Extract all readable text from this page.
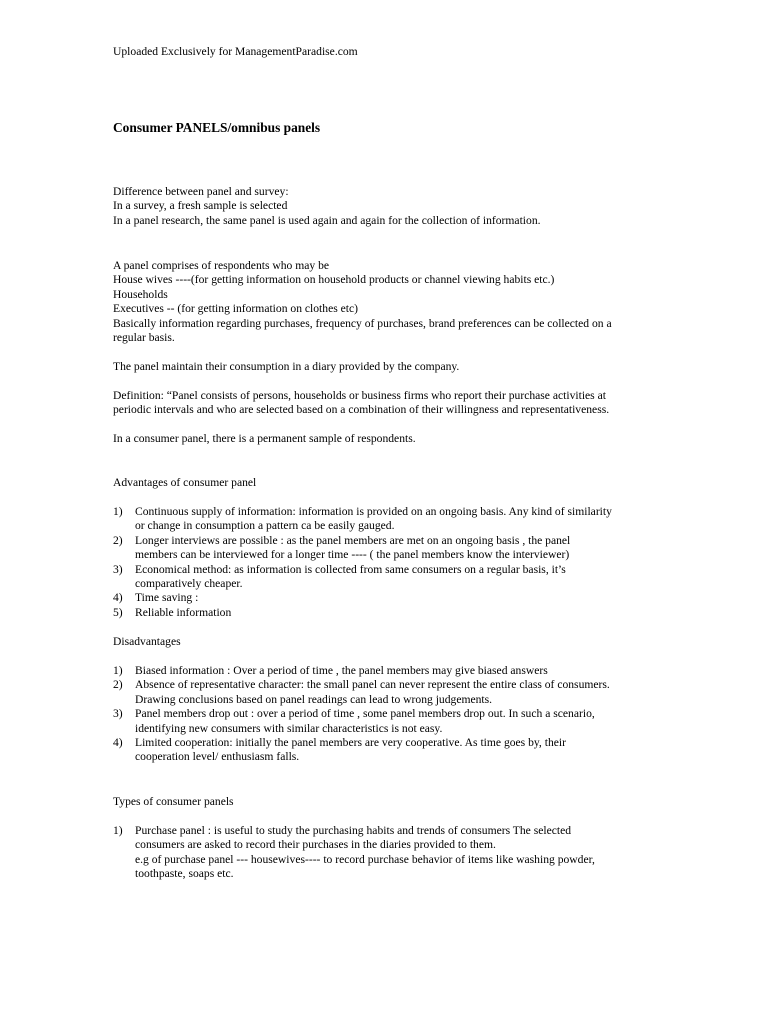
Uploaded Exclusively for ManagementParadise.com
Consumer PANELS/omnibus panels
Difference between panel and survey:
In a survey, a fresh sample is selected
In a panel research, the same panel is used again and again for the collection of information.
A panel comprises of respondents who may be
House wives ----(for getting information on household products or channel viewing habits etc.)
Households
Executives -- (for getting information on clothes etc)
Basically information regarding purchases, frequency of purchases, brand preferences can be collected on a
regular basis.
The panel maintain their consumption in a diary provided by the company.
Definition: “Panel consists of persons, households or business firms who report their purchase activities at
periodic intervals and who are selected based on a combination of their willingness and representativeness.
In a consumer panel, there is a permanent sample of respondents.
Advantages of consumer panel
1) Continuous supply of information: information is provided on an ongoing basis. Any kind of similarity
or change in consumption a pattern ca be easily gauged.
2) Longer interviews are possible : as the panel members are met on an ongoing basis , the panel
members can be interviewed for a longer time ---- ( the panel members know the interviewer)
3) Economical method: as information is collected from same consumers on a regular basis, it’s
comparatively cheaper.
4) Time saving :
5) Reliable information
Disadvantages
1) Biased information : Over a period of time , the panel members may give biased answers
2) Absence of representative character: the small panel can never represent the entire class of consumers.
Drawing conclusions based on panel readings can lead to wrong judgements.
3) Panel members drop out : over a period of time , some panel members drop out. In such a scenario,
identifying new consumers with similar characteristics is not easy.
4) Limited cooperation: initially the panel members are very cooperative. As time goes by, their
cooperation level/ enthusiasm falls.
Types of consumer panels
1) Purchase panel : is useful to study the purchasing habits and trends of consumers The selected
consumers are asked to record their purchases in the diaries provided to them.
e.g of purchase panel --- housewives---- to record purchase behavior of items like washing powder,
toothpaste, soaps etc.
